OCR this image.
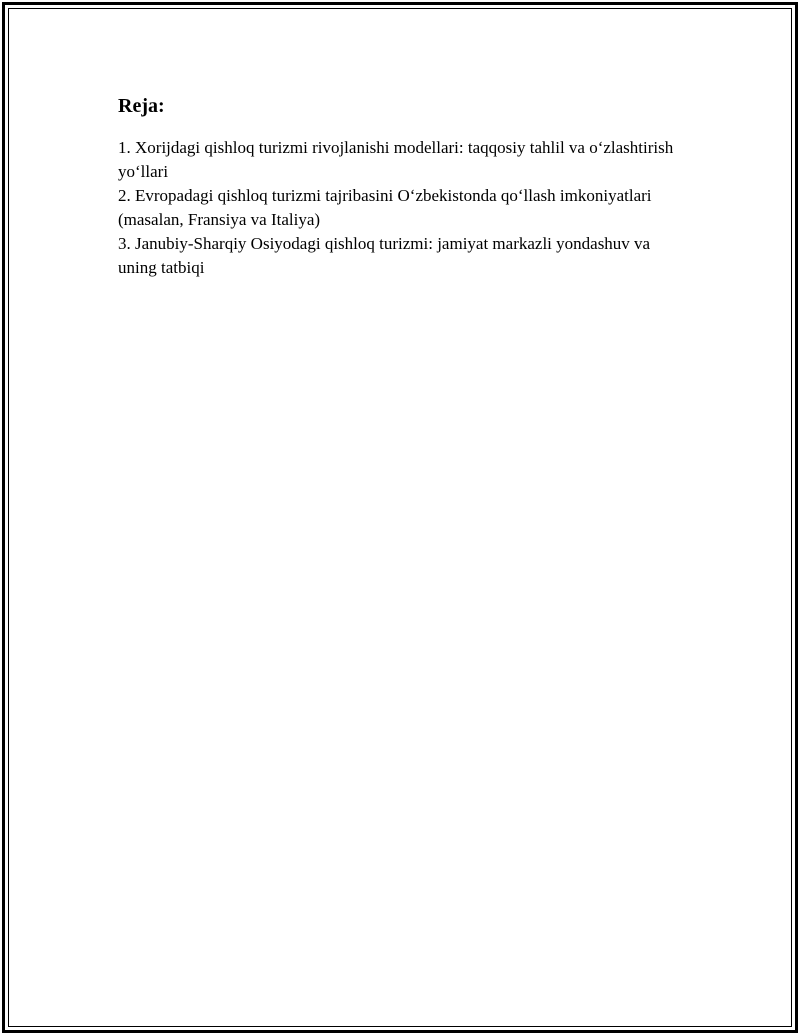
Reja:
1. Xorijdagi qishloq turizmi rivojlanishi modellari: taqqosiy tahlil va o‘zlashtirish yo‘llari
2. Evropadagi qishloq turizmi tajribasini O‘zbekistonda qo‘llash imkoniyatlari (masalan, Fransiya va Italiya)
3. Janubiy-Sharqiy Osiyodagi qishloq turizmi: jamiyat markazli yondashuv va uning tatbiqi
